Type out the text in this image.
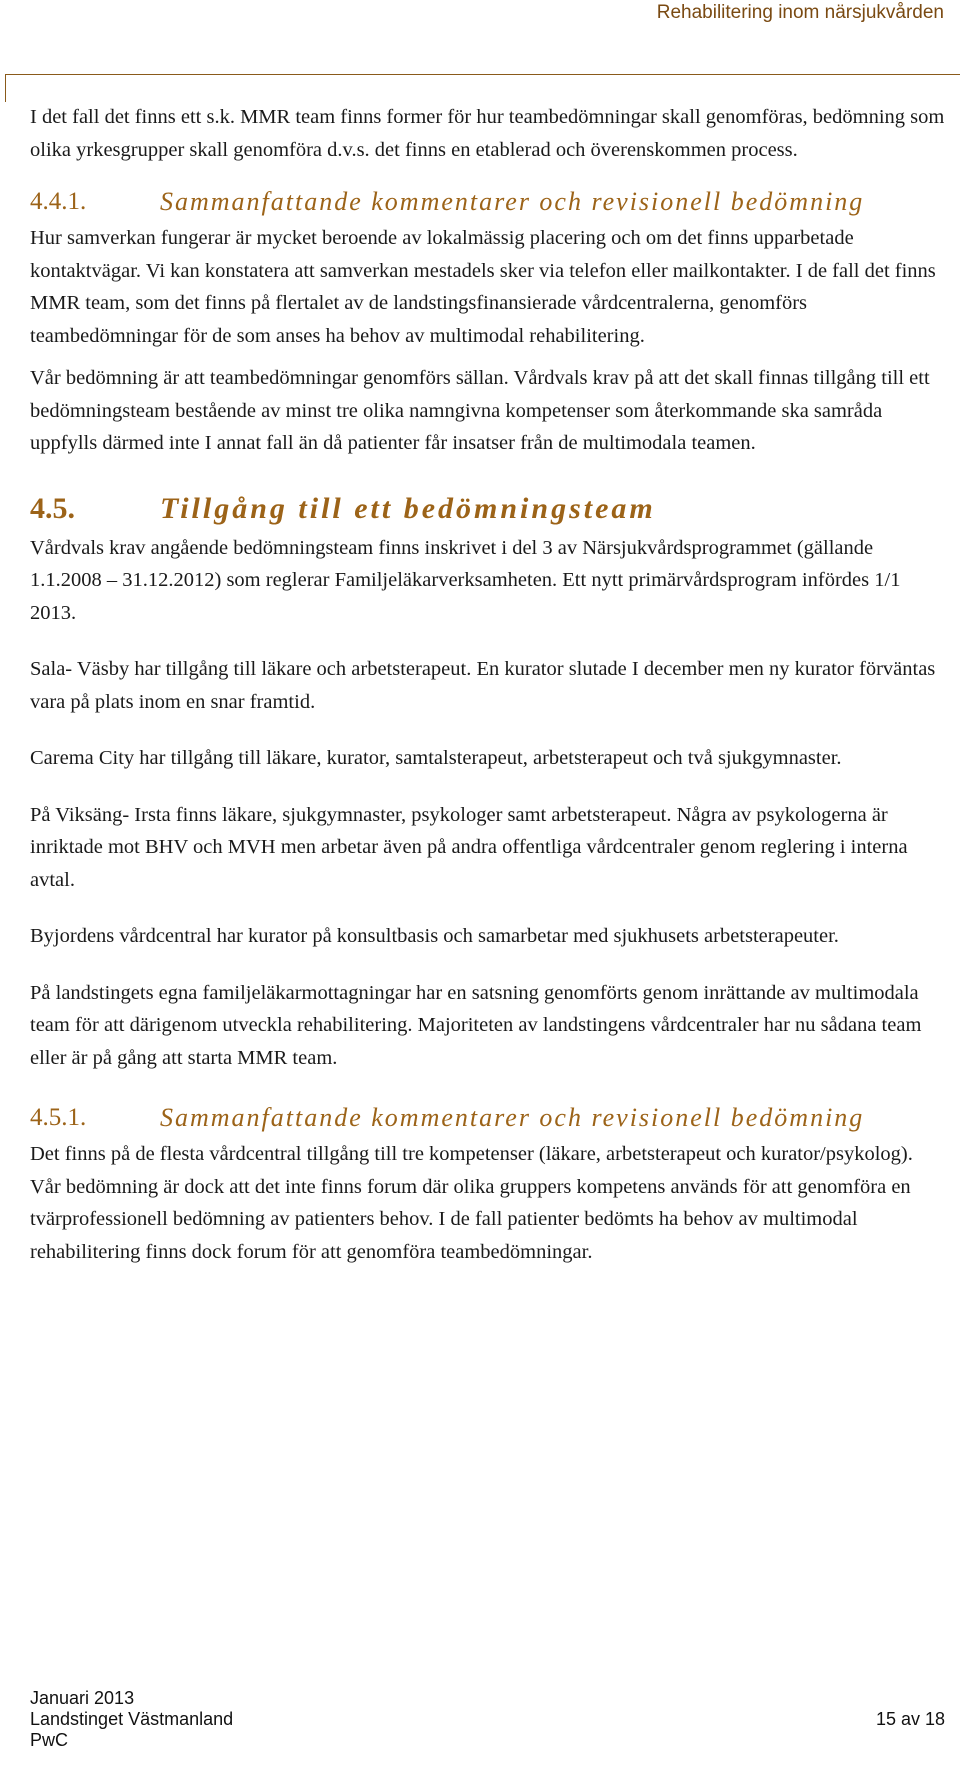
Rehabilitering inom närsjukvården

I det fall det finns ett s.k. MMR team finns former för hur teambedömningar skall genomföras, bedömning som olika yrkesgrupper skall genomföra d.v.s. det finns en etablerad och överenskommen process.

4.4.1.	Sammanfattande kommentarer och revisionell bedömning

Hur samverkan fungerar är mycket beroende av lokalmässig placering och om det finns upparbetade kontaktvägar. Vi kan konstatera att samverkan mestadels sker via telefon eller mailkontakter. I de fall det finns MMR team, som det finns på flertalet av de landstingsfinansierade vårdcentralerna, genomförs teambedömningar för de som anses ha behov av multimodal rehabilitering.

Vår bedömning är att teambedömningar genomförs sällan. Vårdvals krav på att det skall finnas tillgång till ett bedömningsteam bestående av minst tre olika namngivna kompetenser som återkommande ska samråda uppfylls därmed inte I annat fall än då patienter får insatser från de multimodala teamen.

4.5.	Tillgång till ett bedömningsteam

Vårdvals krav angående bedömningsteam finns inskrivet i del 3 av Närsjukvårdsprogrammet (gällande 1.1.2008 – 31.12.2012) som reglerar Familjeläkarverksamheten. Ett nytt primärvårdsprogram infördes 1/1 2013.

Sala- Väsby har tillgång till läkare och arbetsterapeut. En kurator slutade I december men ny kurator förväntas vara på plats inom en snar framtid.

Carema City har tillgång till läkare, kurator, samtalsterapeut, arbetsterapeut och två sjukgymnaster.

På Viksäng- Irsta finns läkare, sjukgymnaster, psykologer samt arbetsterapeut. Några av psykologerna är inriktade mot BHV och MVH men arbetar även på andra offentliga vårdcentraler genom reglering i interna avtal.

Byjordens vårdcentral har kurator på konsultbasis och samarbetar med sjukhusets arbetsterapeuter.

På landstingets egna familjeläkarmottagningar har en satsning genomförts genom inrättande av multimodala team för att därigenom utveckla rehabilitering. Majoriteten av landstingens vårdcentraler har nu sådana team eller är på gång att starta MMR team.

4.5.1.	Sammanfattande kommentarer och revisionell bedömning

Det finns på de flesta vårdcentral tillgång till tre kompetenser (läkare, arbetsterapeut och kurator/psykolog). Vår bedömning är dock att det inte finns forum där olika gruppers kompetens används för att genomföra en tvärprofessionell bedömning av patienters behov. I de fall patienter bedömts ha behov av multimodal rehabilitering finns dock forum för att genomföra teambedömningar.

Januari 2013
Landstinget Västmanland
PwC
15 av 18
